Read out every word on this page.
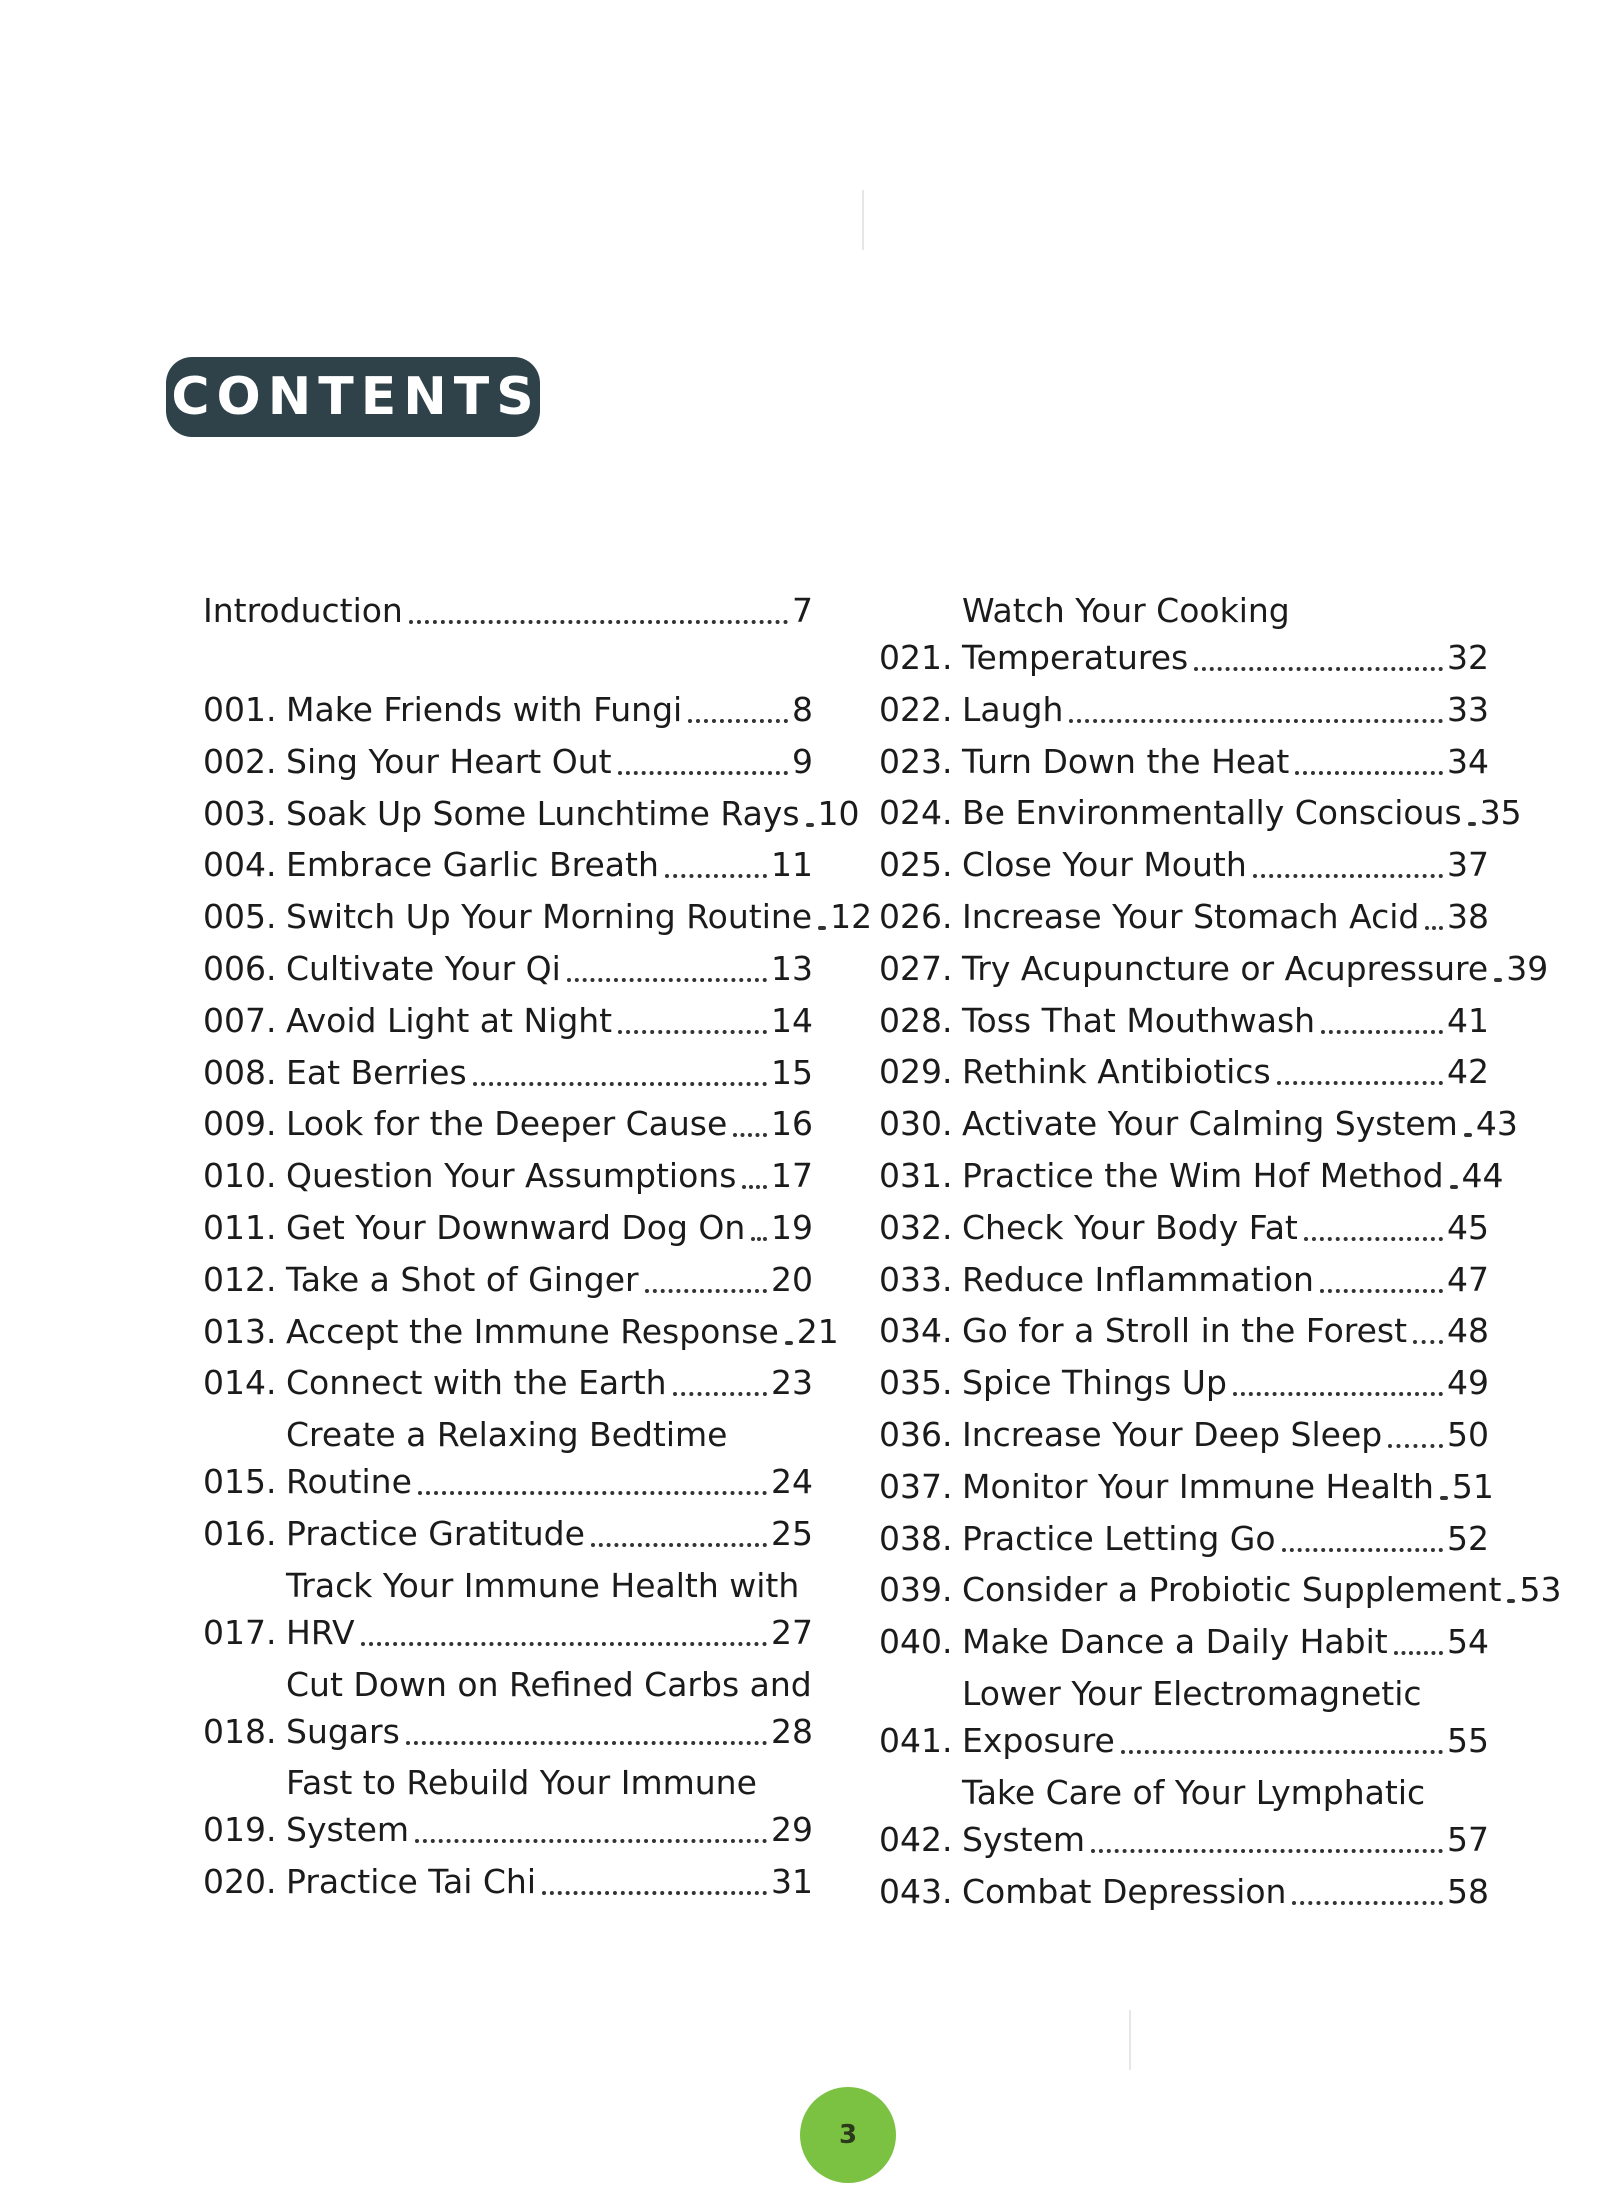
CONTENTS
Introduction	7
001. Make Friends with Fungi	8
002. Sing Your Heart Out	9
003. Soak Up Some Lunchtime Rays 10
004. Embrace Garlic Breath	11
005. Switch Up Your Morning Routine 12
006. Cultivate Your Qi	13
007. Avoid Light at Night	14
008. Eat Berries	15
009. Look for the Deeper Cause 16
010. Question Your Assumptions 17
011. Get Your Downward Dog On 19
012. Take a Shot of Ginger	20
013. Accept the Immune Response 21
014. Connect with the Earth	23
015.
Create a Relaxing Bedtime
Routine	24
016. Practice Gratitude	25
017.
Track Your Immune Health with
HRV	27
018.
Cut Down on Refined Carbs and
Sugars	28
019.
Fast to Rebuild Your Immune
System	29
020. Practice Tai Chi	31
021.
Watch Your Cooking
Temperatures	32
022. Laugh	33
023. Turn Down the Heat	34
024. Be Environmentally Conscious 35
025. Close Your Mouth	37
026. Increase Your Stomach Acid 38
027. Try Acupuncture or Acupressure 39
028. Toss That Mouthwash	41
029. Rethink Antibiotics	42
030. Activate Your Calming System 43
031. Practice the Wim Hof Method 44
032. Check Your Body Fat	45
033. Reduce Inflammation	47
034. Go for a Stroll in the Forest 48
035. Spice Things Up	49
036. Increase Your Deep Sleep 50
037. Monitor Your Immune Health 51
038. Practice Letting Go	52
039. Consider a Probiotic Supplement 53
040. Make Dance a Daily Habit 54
041.
Lower Your Electromagnetic
Exposure	55
042.
Take Care of Your Lymphatic
System	57
043. Combat Depression	58
3
